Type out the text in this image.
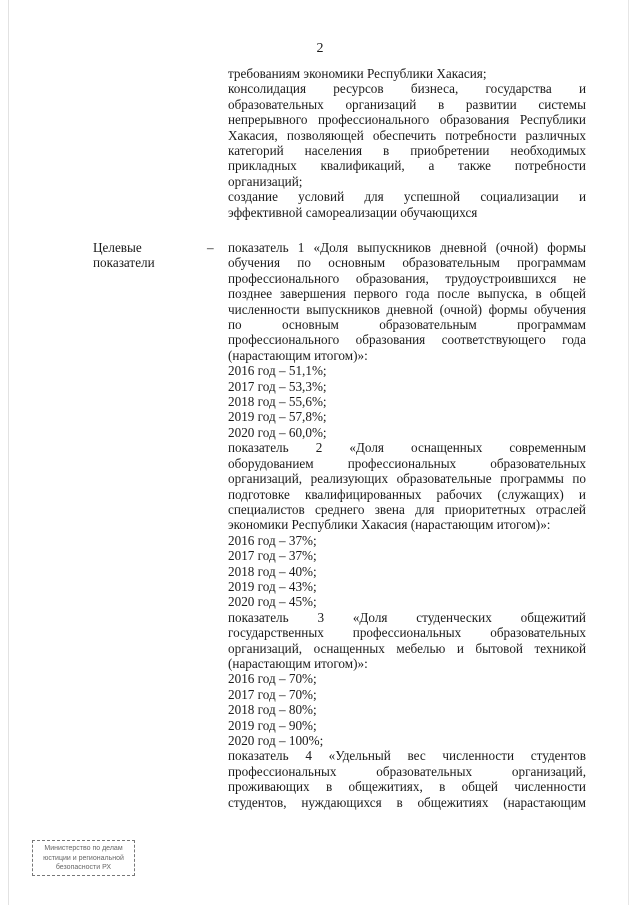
2
требованиям экономики Республики Хакасия;
консолидация ресурсов бизнеса, государства и
образовательных организаций в развитии системы
непрерывного профессионального образования Республики
Хакасия, позволяющей обеспечить потребности различных
категорий населения в приобретении необходимых
прикладных квалификаций, а также потребности
организаций;
создание условий для успешной социализации и
эффективной самореализации обучающихся
Целевые
показатели
– показатель 1 «Доля выпускников дневной (очной) формы
обучения по основным образовательным программам
профессионального образования, трудоустроившихся не
позднее завершения первого года после выпуска, в общей
численности выпускников дневной (очной) формы обучения
по основным образовательным программам
профессионального образования соответствующего года
(нарастающим итогом)»:
2016 год – 51,1%;
2017 год – 53,3%;
2018 год – 55,6%;
2019 год – 57,8%;
2020 год – 60,0%;
показатель 2 «Доля оснащенных современным
оборудованием профессиональных образовательных
организаций, реализующих образовательные программы по
подготовке квалифицированных рабочих (служащих) и
специалистов среднего звена для приоритетных отраслей
экономики Республики Хакасия (нарастающим итогом)»:
2016 год – 37%;
2017 год – 37%;
2018 год – 40%;
2019 год – 43%;
2020 год – 45%;
показатель 3 «Доля студенческих общежитий
государственных профессиональных образовательных
организаций, оснащенных мебелью и бытовой техникой
(нарастающим итогом)»:
2016 год – 70%;
2017 год – 70%;
2018 год – 80%;
2019 год – 90%;
2020 год – 100%;
показатель 4 «Удельный вес численности студентов
профессиональных образовательных организаций,
проживающих в общежитиях, в общей численности
студентов, нуждающихся в общежитиях (нарастающим
Министерство по делам
юстиции и региональной
безопасности РХ
